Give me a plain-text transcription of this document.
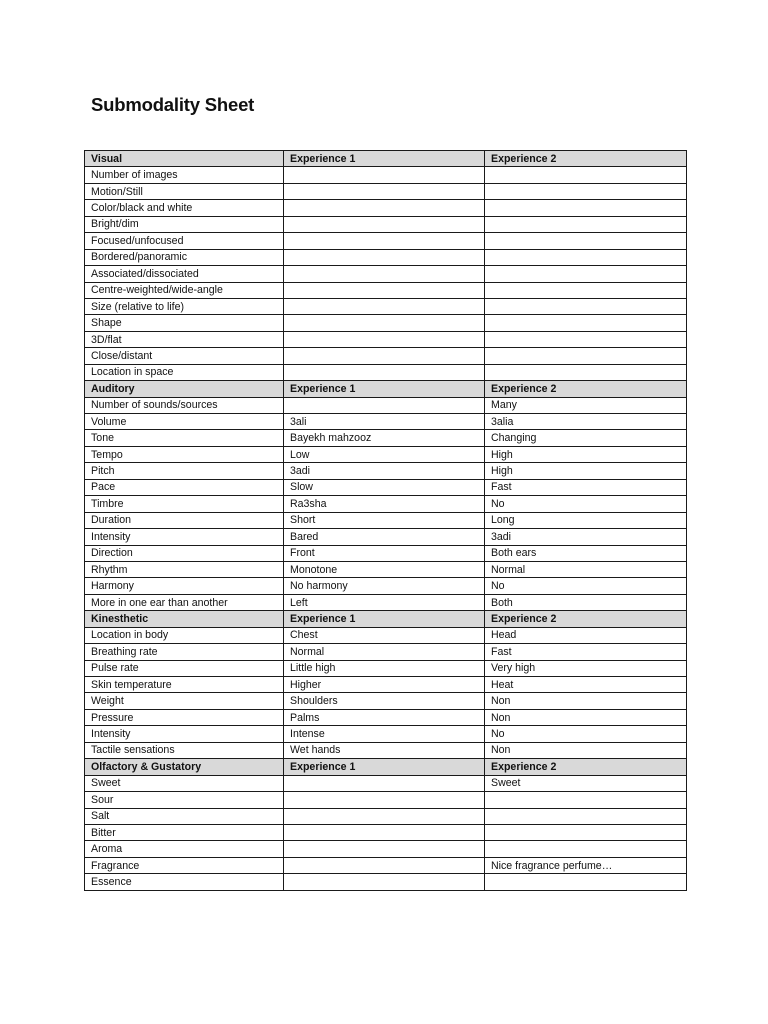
Submodality Sheet
Visual	Experience 1	Experience 2
Number of images		
Motion/Still		
Color/black and white		
Bright/dim		
Focused/unfocused		
Bordered/panoramic		
Associated/dissociated		
Centre-weighted/wide-angle		
Size (relative to life)		
Shape		
3D/flat		
Close/distant		
Location in space		
Auditory	Experience 1	Experience 2
Number of sounds/sources		Many
Volume	3ali	3alia
Tone	Bayekh mahzooz	Changing
Tempo	Low	High
Pitch	3adi	High
Pace	Slow	Fast
Timbre	Ra3sha	No
Duration	Short	Long
Intensity	Bared	3adi
Direction	Front	Both ears
Rhythm	Monotone	Normal
Harmony	No harmony	No
More in one ear than another	Left	Both
Kinesthetic	Experience 1	Experience 2
Location in body	Chest	Head
Breathing rate	Normal	Fast
Pulse rate	Little high	Very high
Skin temperature	Higher	Heat
Weight	Shoulders	Non
Pressure	Palms	Non
Intensity	Intense	No
Tactile sensations	Wet hands	Non
Olfactory & Gustatory	Experience 1	Experience 2
Sweet		Sweet
Sour		
Salt		
Bitter		
Aroma		
Fragrance		Nice fragrance perfume…
Essence		
